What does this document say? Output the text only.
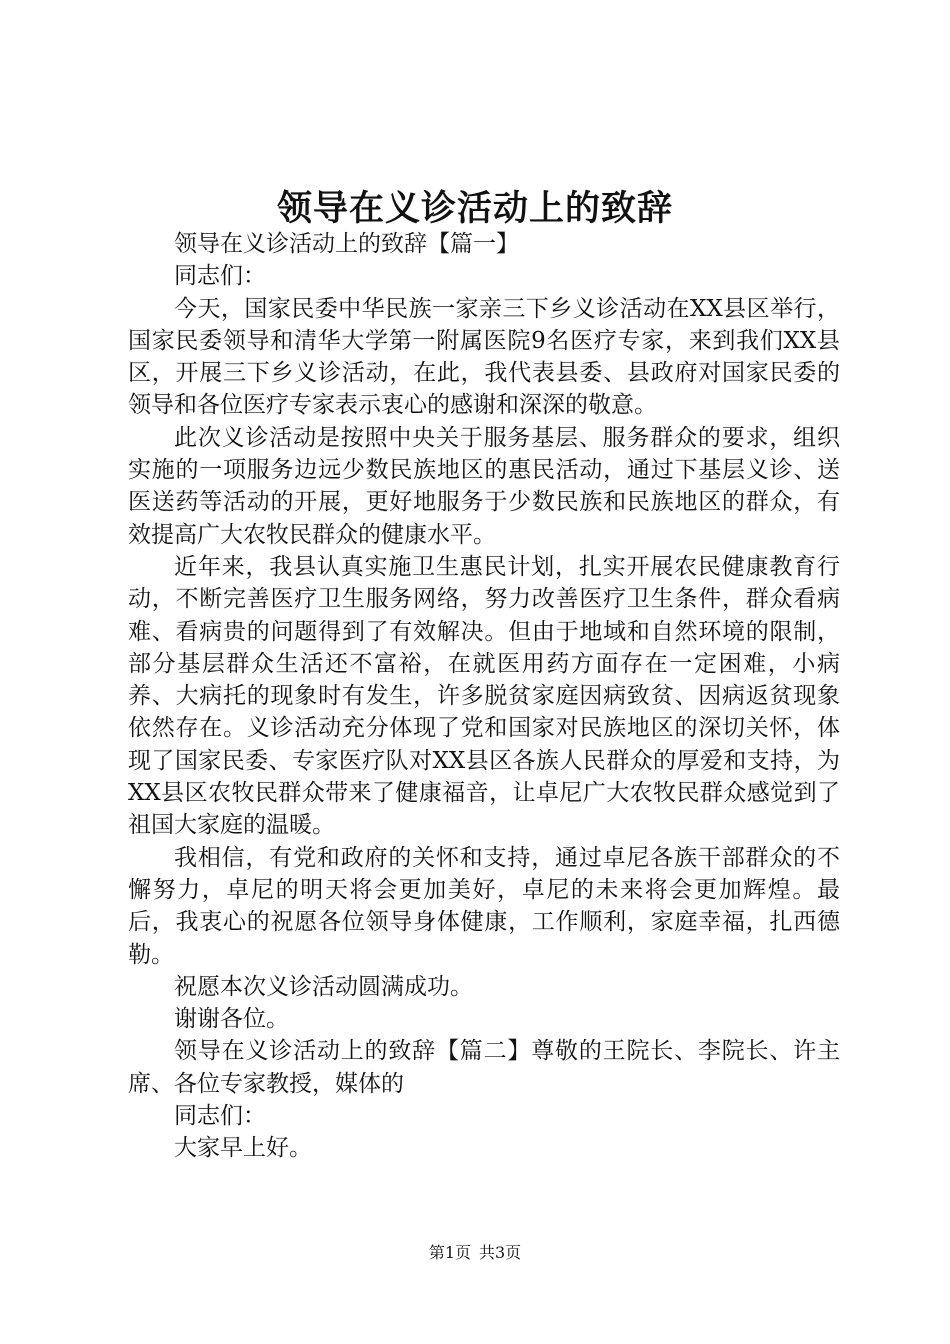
领导在义诊活动上的致辞

领导在义诊活动上的致辞【篇一】

同志们：

今天，国家民委中华民族一家亲三下乡义诊活动在XX县区举行，国家民委领导和清华大学第一附属医院9名医疗专家，来到我们XX县区，开展三下乡义诊活动，在此，我代表县委、县政府对国家民委的领导和各位医疗专家表示衷心的感谢和深深的敬意。

此次义诊活动是按照中央关于服务基层、服务群众的要求，组织实施的一项服务边远少数民族地区的惠民活动，通过下基层义诊、送医送药等活动的开展，更好地服务于少数民族和民族地区的群众，有效提高广大农牧民群众的健康水平。

近年来，我县认真实施卫生惠民计划，扎实开展农民健康教育行动，不断完善医疗卫生服务网络，努力改善医疗卫生条件，群众看病难、看病贵的问题得到了有效解决。但由于地域和自然环境的限制，部分基层群众生活还不富裕，在就医用药方面存在一定困难，小病养、大病托的现象时有发生，许多脱贫家庭因病致贫、因病返贫现象依然存在。义诊活动充分体现了党和国家对民族地区的深切关怀，体现了国家民委、专家医疗队对XX县区各族人民群众的厚爱和支持，为XX县区农牧民群众带来了健康福音，让卓尼广大农牧民群众感觉到了祖国大家庭的温暖。

我相信，有党和政府的关怀和支持，通过卓尼各族干部群众的不懈努力，卓尼的明天将会更加美好，卓尼的未来将会更加辉煌。最后，我衷心的祝愿各位领导身体健康，工作顺利，家庭幸福，扎西德勒。

祝愿本次义诊活动圆满成功。

谢谢各位。

领导在义诊活动上的致辞【篇二】尊敬的王院长、李院长、许主席、各位专家教授，媒体的

同志们：

大家早上好。

第1页 共3页
